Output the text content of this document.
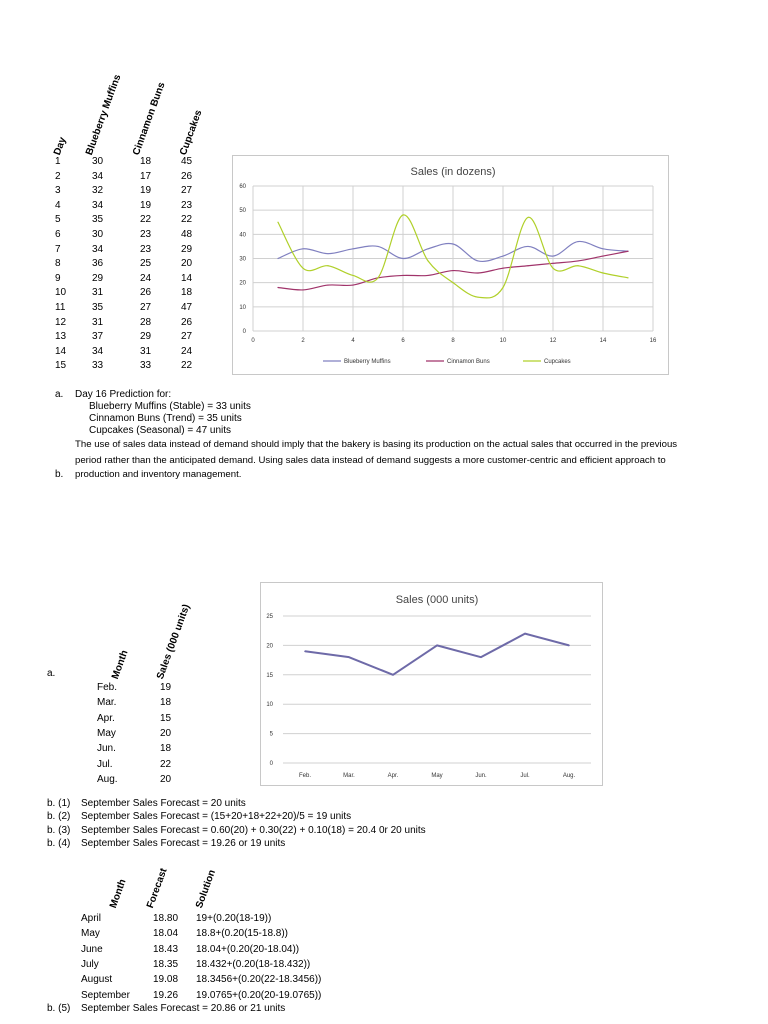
Day Blueberry Muffins Cinnamon Buns Cupcakes
1	30	18	45
2	34	17	26
3	32	19	27
4	34	19	23
5	35	22	22
6	30	23	48
7	34	23	29
8	36	25	20
9	29	24	14
10	31	26	18
11	35	27	47
12	31	28	26
13	37	29	27
14	34	31	24
15	33	33	22
Sales (in dozens)
0
10
20
30
40
50
60
0	2	4	6	8	10	12	14	16
Blueberry Muffins	Cinnamon Buns	Cupcakes
a. Day 16 Prediction for:
Blueberry Muffins (Stable) = 33 units
Cinnamon Buns (Trend) = 35 units
Cupcakes (Seasonal) = 47 units
The use of sales data instead of demand should imply that the bakery is basing its production on the actual sales that occurred in the previous
period rather than the anticipated demand. Using sales data instead of demand suggests a more customer-centric and efficient approach to
b. production and inventory management.
a.	Month Sales (000 units)
Feb.	19
Mar.	18
Apr.	15
May	20
Jun.	18
Jul.	22
Aug.	20
Sales (000 units)
0
5
10
15
20
25
Feb.	Mar.	Apr.	May	Jun.	Jul.	Aug.
b. (1) September Sales Forecast = 20 units
b. (2) September Sales Forecast = (15+20+18+22+20)/5 = 19 units
b. (3) September Sales Forecast = 0.60(20) + 0.30(22) + 0.10(18) = 20.4 0r 20 units
b. (4) September Sales Forecast = 19.26 or 19 units
Month Forecast Solution
April	18.80 19+(0.20(18-19))
May	18.04 18.8+(0.20(15-18.8))
June	18.43 18.04+(0.20(20-18.04))
July	18.35 18.432+(0.20(18-18.432))
August	19.08 18.3456+(0.20(22-18.3456))
September 19.26 19.0765+(0.20(20-19.0765))
b. (5) September Sales Forecast = 20.86 or 21 units
